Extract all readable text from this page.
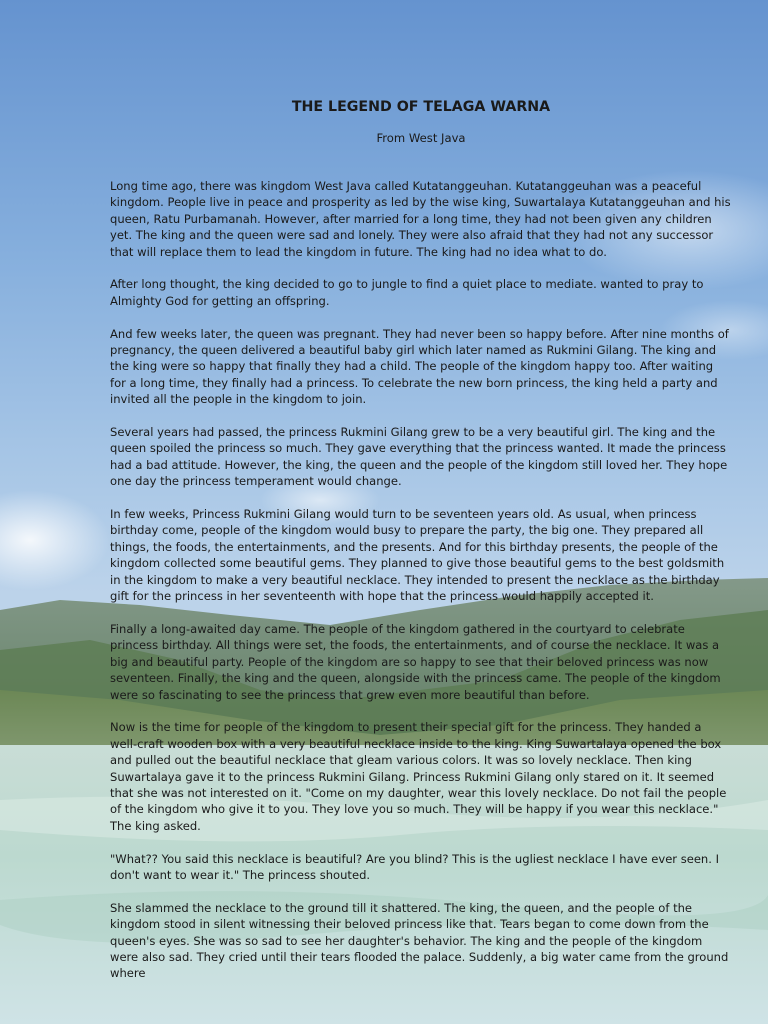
THE LEGEND OF TELAGA WARNA

From West Java

Long time ago, there was kingdom West Java called Kutatanggeuhan. Kutatanggeuhan was a peaceful kingdom. People live in peace and prosperity as led by the wise king, Suwartalaya Kutatanggeuhan and his queen, Ratu Purbamanah. However, after married for a long time, they had not been given any children yet. The king and the queen were sad and lonely. They were also afraid that they had not any successor that will replace them to lead the kingdom in future. The king had no idea what to do.

After long thought, the king decided to go to jungle to find a quiet place to mediate. wanted to pray to Almighty God for getting an offspring.

And few weeks later, the queen was pregnant. They had never been so happy before. After nine months of pregnancy, the queen delivered a beautiful baby girl which later named as Rukmini Gilang. The king and the king were so happy that finally they had a child. The people of the kingdom happy too. After waiting for a long time, they finally had a princess. To celebrate the new born princess, the king held a party and invited all the people in the kingdom to join.

Several years had passed, the princess Rukmini Gilang grew to be a very beautiful girl. The king and the queen spoiled the princess so much. They gave everything that the princess wanted. It made the princess had a bad attitude. However, the king, the queen and the people of the kingdom still loved her. They hope one day the princess temperament would change.

In few weeks, Princess Rukmini Gilang would turn to be seventeen years old. As usual, when princess birthday come, people of the kingdom would busy to prepare the party, the big one. They prepared all things, the foods, the entertainments, and the presents. And for this birthday presents, the people of the kingdom collected some beautiful gems. They planned to give those beautiful gems to the best goldsmith in the kingdom to make a very beautiful necklace. They intended to present the necklace as the birthday gift for the princess in her seventeenth with hope that the princess would happily accepted it.

Finally a long-awaited day came. The people of the kingdom gathered in the courtyard to celebrate princess birthday. All things were set, the foods, the entertainments, and of course the necklace. It was a big and beautiful party. People of the kingdom are so happy to see that their beloved princess was now seventeen. Finally, the king and the queen, alongside with the princess came. The people of the kingdom were so fascinating to see the princess that grew even more beautiful than before.

Now is the time for people of the kingdom to present their special gift for the princess. They handed a well-craft wooden box with a very beautiful necklace inside to the king. King Suwartalaya opened the box and pulled out the beautiful necklace that gleam various colors. It was so lovely necklace. Then king Suwartalaya gave it to the princess Rukmini Gilang. Princess Rukmini Gilang only stared on it. It seemed that she was not interested on it. "Come on my daughter, wear this lovely necklace. Do not fail the people of the kingdom who give it to you. They love you so much. They will be happy if you wear this necklace." The king asked.

"What?? You said this necklace is beautiful? Are you blind? This is the ugliest necklace I have ever seen. I don't want to wear it." The princess shouted.

She slammed the necklace to the ground till it shattered. The king, the queen, and the people of the kingdom stood in silent witnessing their beloved princess like that. Tears began to come down from the queen's eyes. She was so sad to see her daughter's behavior. The king and the people of the kingdom were also sad. They cried until their tears flooded the palace. Suddenly, a big water came from the ground where
